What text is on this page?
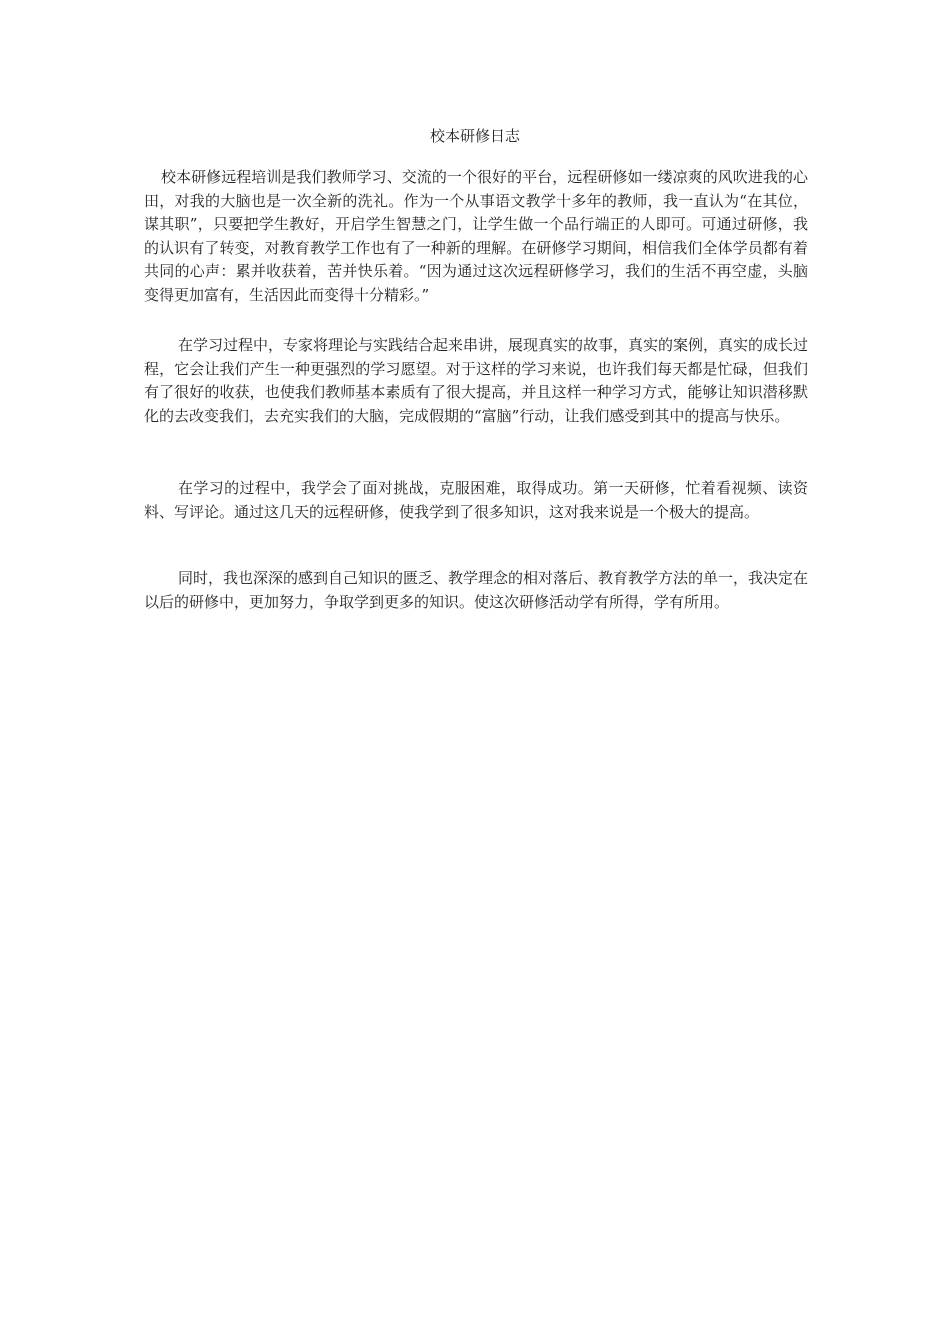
校本研修日志

校本研修远程培训是我们教师学习、交流的一个很好的平台，远程研修如一缕凉爽的风吹进我的心田，对我的大脑也是一次全新的洗礼。作为一个从事语文教学十多年的教师，我一直认为“在其位，谋其职”，只要把学生教好，开启学生智慧之门，让学生做一个品行端正的人即可。可通过研修，我的认识有了转变，对教育教学工作也有了一种新的理解。在研修学习期间，相信我们全体学员都有着共同的心声：累并收获着，苦并快乐着。“因为通过这次远程研修学习，我们的生活不再空虚，头脑变得更加富有，生活因此而变得十分精彩。”

在学习过程中，专家将理论与实践结合起来串讲，展现真实的故事，真实的案例，真实的成长过程，它会让我们产生一种更强烈的学习愿望。对于这样的学习来说，也许我们每天都是忙碌，但我们有了很好的收获，也使我们教师基本素质有了很大提高，并且这样一种学习方式，能够让知识潜移默化的去改变我们，去充实我们的大脑，完成假期的“富脑”行动，让我们感受到其中的提高与快乐。

在学习的过程中，我学会了面对挑战，克服困难，取得成功。第一天研修，忙着看视频、读资料、写评论。通过这几天的远程研修，使我学到了很多知识，这对我来说是一个极大的提高。

同时，我也深深的感到自己知识的匮乏、教学理念的相对落后、教育教学方法的单一，我决定在以后的研修中，更加努力，争取学到更多的知识。使这次研修活动学有所得，学有所用。
